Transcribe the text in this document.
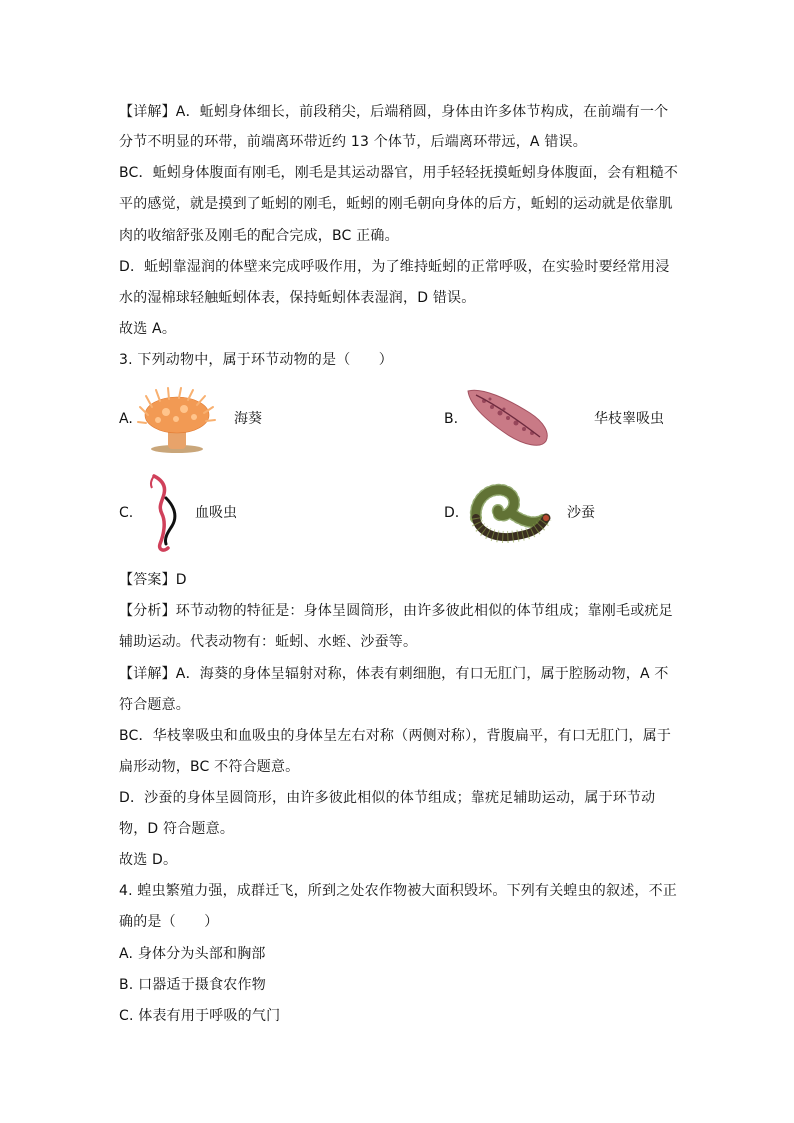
【详解】A．蚯蚓身体细长，前段稍尖，后端稍圆，身体由许多体节构成，在前端有一个
分节不明显的环带，前端离环带近约 13 个体节，后端离环带远，A 错误。
BC．蚯蚓身体腹面有刚毛，刚毛是其运动器官，用手轻轻抚摸蚯蚓身体腹面，会有粗糙不
平的感觉，就是摸到了蚯蚓的刚毛，蚯蚓的刚毛朝向身体的后方，蚯蚓的运动就是依靠肌
肉的收缩舒张及刚毛的配合完成，BC 正确。
D．蚯蚓靠湿润的体壁来完成呼吸作用，为了维持蚯蚓的正常呼吸，在实验时要经常用浸
水的湿棉球轻触蚯蚓体表，保持蚯蚓体表湿润，D 错误。
故选 A。
3. 下列动物中，属于环节动物的是（　　）
A.	海葵	B.	华枝睾吸虫
C.	血吸虫	D.	沙蚕
【答案】D
【分析】环节动物的特征是：身体呈圆筒形，由许多彼此相似的体节组成；靠刚毛或疣足
辅助运动。代表动物有：蚯蚓、水蛭、沙蚕等。
【详解】A．海葵的身体呈辐射对称，体表有刺细胞，有口无肛门，属于腔肠动物，A 不
符合题意。
BC．华枝睾吸虫和血吸虫的身体呈左右对称（两侧对称），背腹扁平，有口无肛门，属于
扁形动物，BC 不符合题意。
D．沙蚕的身体呈圆筒形，由许多彼此相似的体节组成；靠疣足辅助运动，属于环节动
物，D 符合题意。
故选 D。
4. 蝗虫繁殖力强，成群迁飞，所到之处农作物被大面积毁坏。下列有关蝗虫的叙述，不正
确的是（　　）
A. 身体分为头部和胸部
B. 口器适于摄食农作物
C. 体表有用于呼吸的气门
